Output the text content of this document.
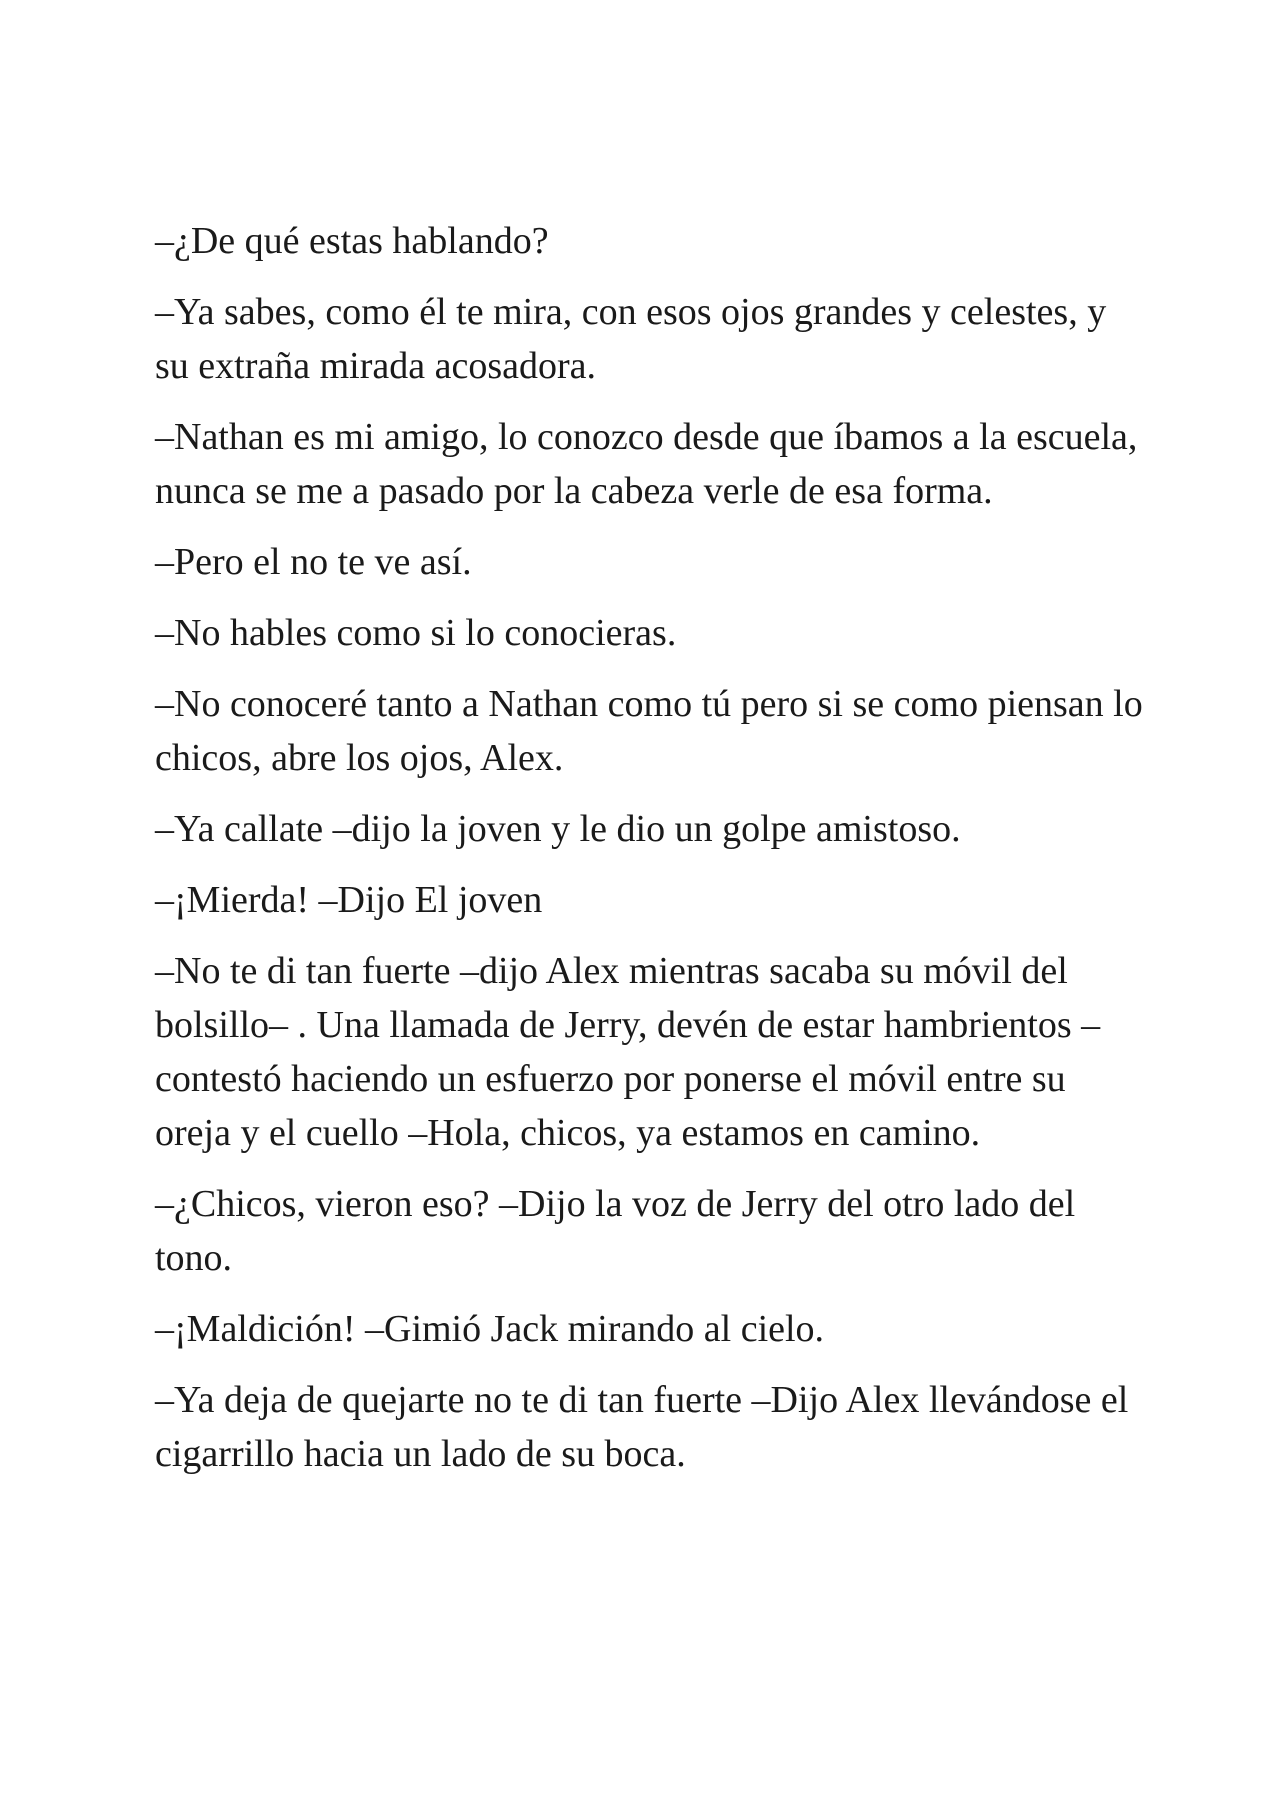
–¿De qué estas hablando?

–Ya sabes, como él te mira, con esos ojos grandes y celestes, y su extraña mirada acosadora.

–Nathan es mi amigo, lo conozco desde que íbamos a la escuela, nunca se me a pasado por la cabeza verle de esa forma.

–Pero el no te ve así.

–No hables como si lo conocieras.

–No conoceré tanto a Nathan como tú pero si se como piensan lo chicos, abre los ojos, Alex.

–Ya callate –dijo la joven y le dio un golpe amistoso.

–¡Mierda! –Dijo El joven

–No te di tan fuerte –dijo Alex mientras sacaba su móvil del bolsillo– . Una llamada de Jerry, devén de estar hambrientos –contestó haciendo un esfuerzo por ponerse el móvil entre su oreja y el cuello –Hola, chicos, ya estamos en camino.

–¿Chicos, vieron eso? –Dijo la voz de Jerry del otro lado del tono.

–¡Maldición! –Gimió Jack mirando al cielo.

–Ya deja de quejarte no te di tan fuerte –Dijo Alex llevándose el cigarrillo hacia un lado de su boca.
